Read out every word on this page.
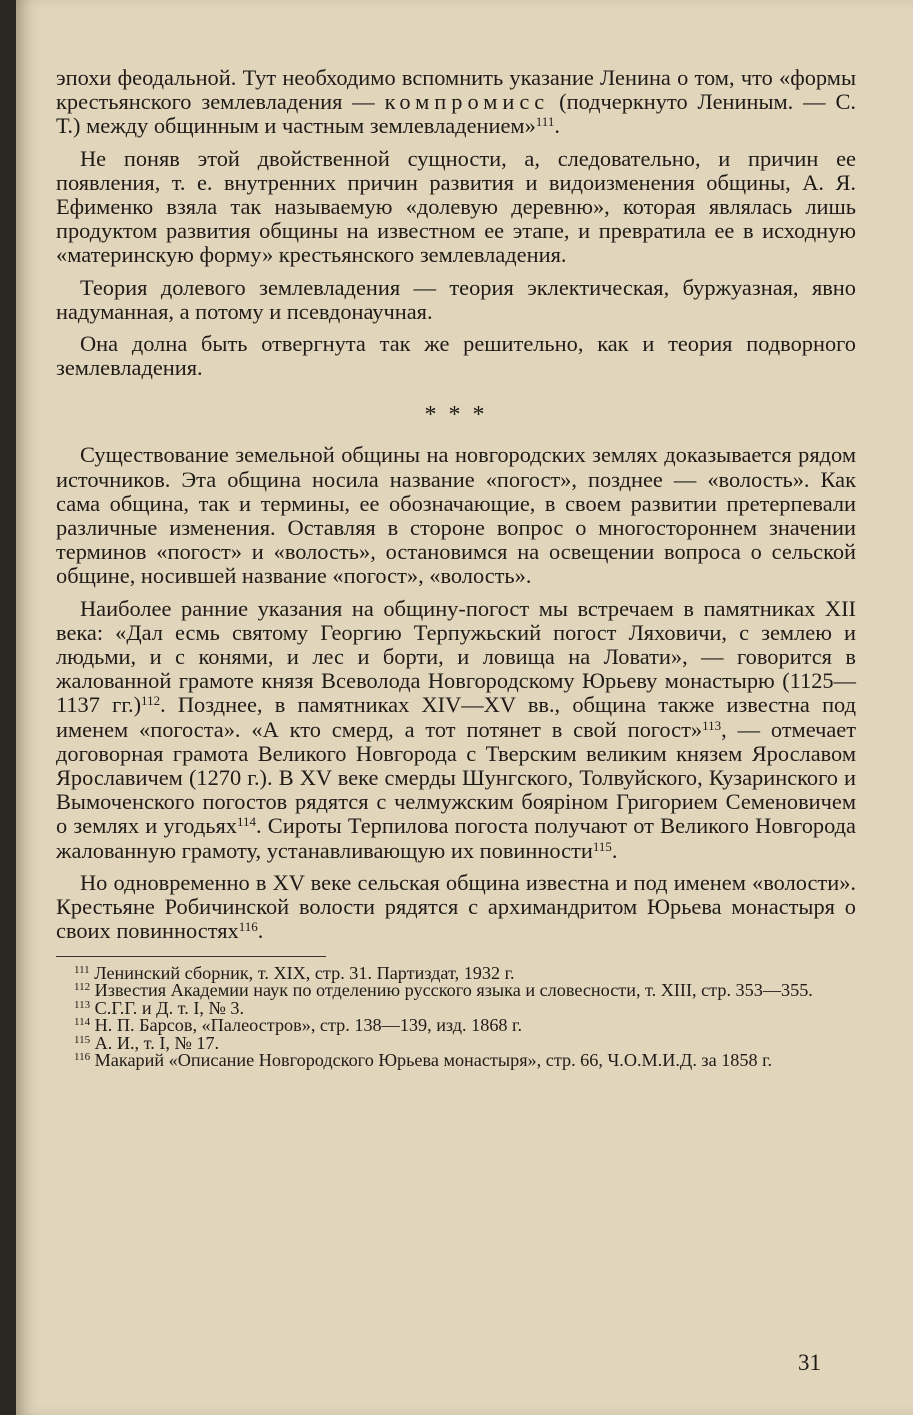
эпохи феодальной. Тут необходимо вспомнить указание Ленина о том, что «формы крестьянского землевладения — компромисс (подчеркнуто Лениным. — С. Т.) между общинным и частным землевладением»$^{111}$.

Не поняв этой двойственной сущности, а, следовательно, и причин ее появления, т. е. внутренних причин развития и видоизменения общины, А. Я. Ефименко взяла так называемую «долевую деревню», которая являлась лишь продуктом развития общины на известном ее этапе, и превратила ее в исходную «материнскую форму» крестьянского землевладения.

Теория долевого землевладения — теория эклектическая, буржуазная, явно надуманная, а потому и псевдонаучная.

Она долна быть отвергнута так же решительно, как и теория подворного землевладения.

* * *

Существование земельной общины на новгородских землях доказывается рядом источников. Эта община носила название «погост», позднее — «волость». Как сама община, так и термины, ее обозначающие, в своем развитии претерпевали различные изменения. Оставляя в стороне вопрос о многостороннем значении терминов «погост» и «волость», остановимся на освещении вопроса о сельской общине, носившей название «погост», «волость».

Наиболее ранние указания на общину-погост мы встречаем в памятниках XII века: «Дал есмь святому Георгию Терпужьский погост Ляховичи, с землею и людьми, и с конями, и лес и борти, и ловища на Ловати», — говорится в жалованной грамоте князя Всеволода Новгородскому Юрьеву монастырю (1125—1137 гг.)$^{112}$. Позднее, в памятниках XIV—XV вв., община также известна под именем «погоста». «А кто смерд, а тот потянет в свой погост»$^{113}$, — отмечает договорная грамота Великого Новгорода с Тверским великим князем Ярославом Ярославичем (1270 г.). В XV веке смерды Шунгского, Толвуйского, Кузаринского и Вымоченского погостов рядятся с челмужским бояріном Григорием Семеновичем о землях и угодьях$^{114}$. Сироты Терпилова погоста получают от Великого Новгорода жалованную грамоту, устанавливающую их повинности$^{115}$.

Но одновременно в XV веке сельская община известна и под именем «волости». Крестьяне Робичинской волости рядятся с архимандритом Юрьева монастыря о своих повинностях$^{116}$.

$^{111}$ Ленинский сборник, т. XIX, стр. 31. Партиздат, 1932 г.

$^{112}$ Известия Академии наук по отделению русского языка и словесности, т. XIII, стр. 353—355.

$^{113}$ С.Г.Г. и Д. т. I, № 3.

$^{114}$ Н. П. Барсов, «Палеостров», стр. 138—139, изд. 1868 г.

$^{115}$ А. И., т. I, № 17.

$^{116}$ Макарий «Описание Новгородского Юрьева монастыря», стр. 66, Ч.О.М.И.Д. за 1858 г.

31
